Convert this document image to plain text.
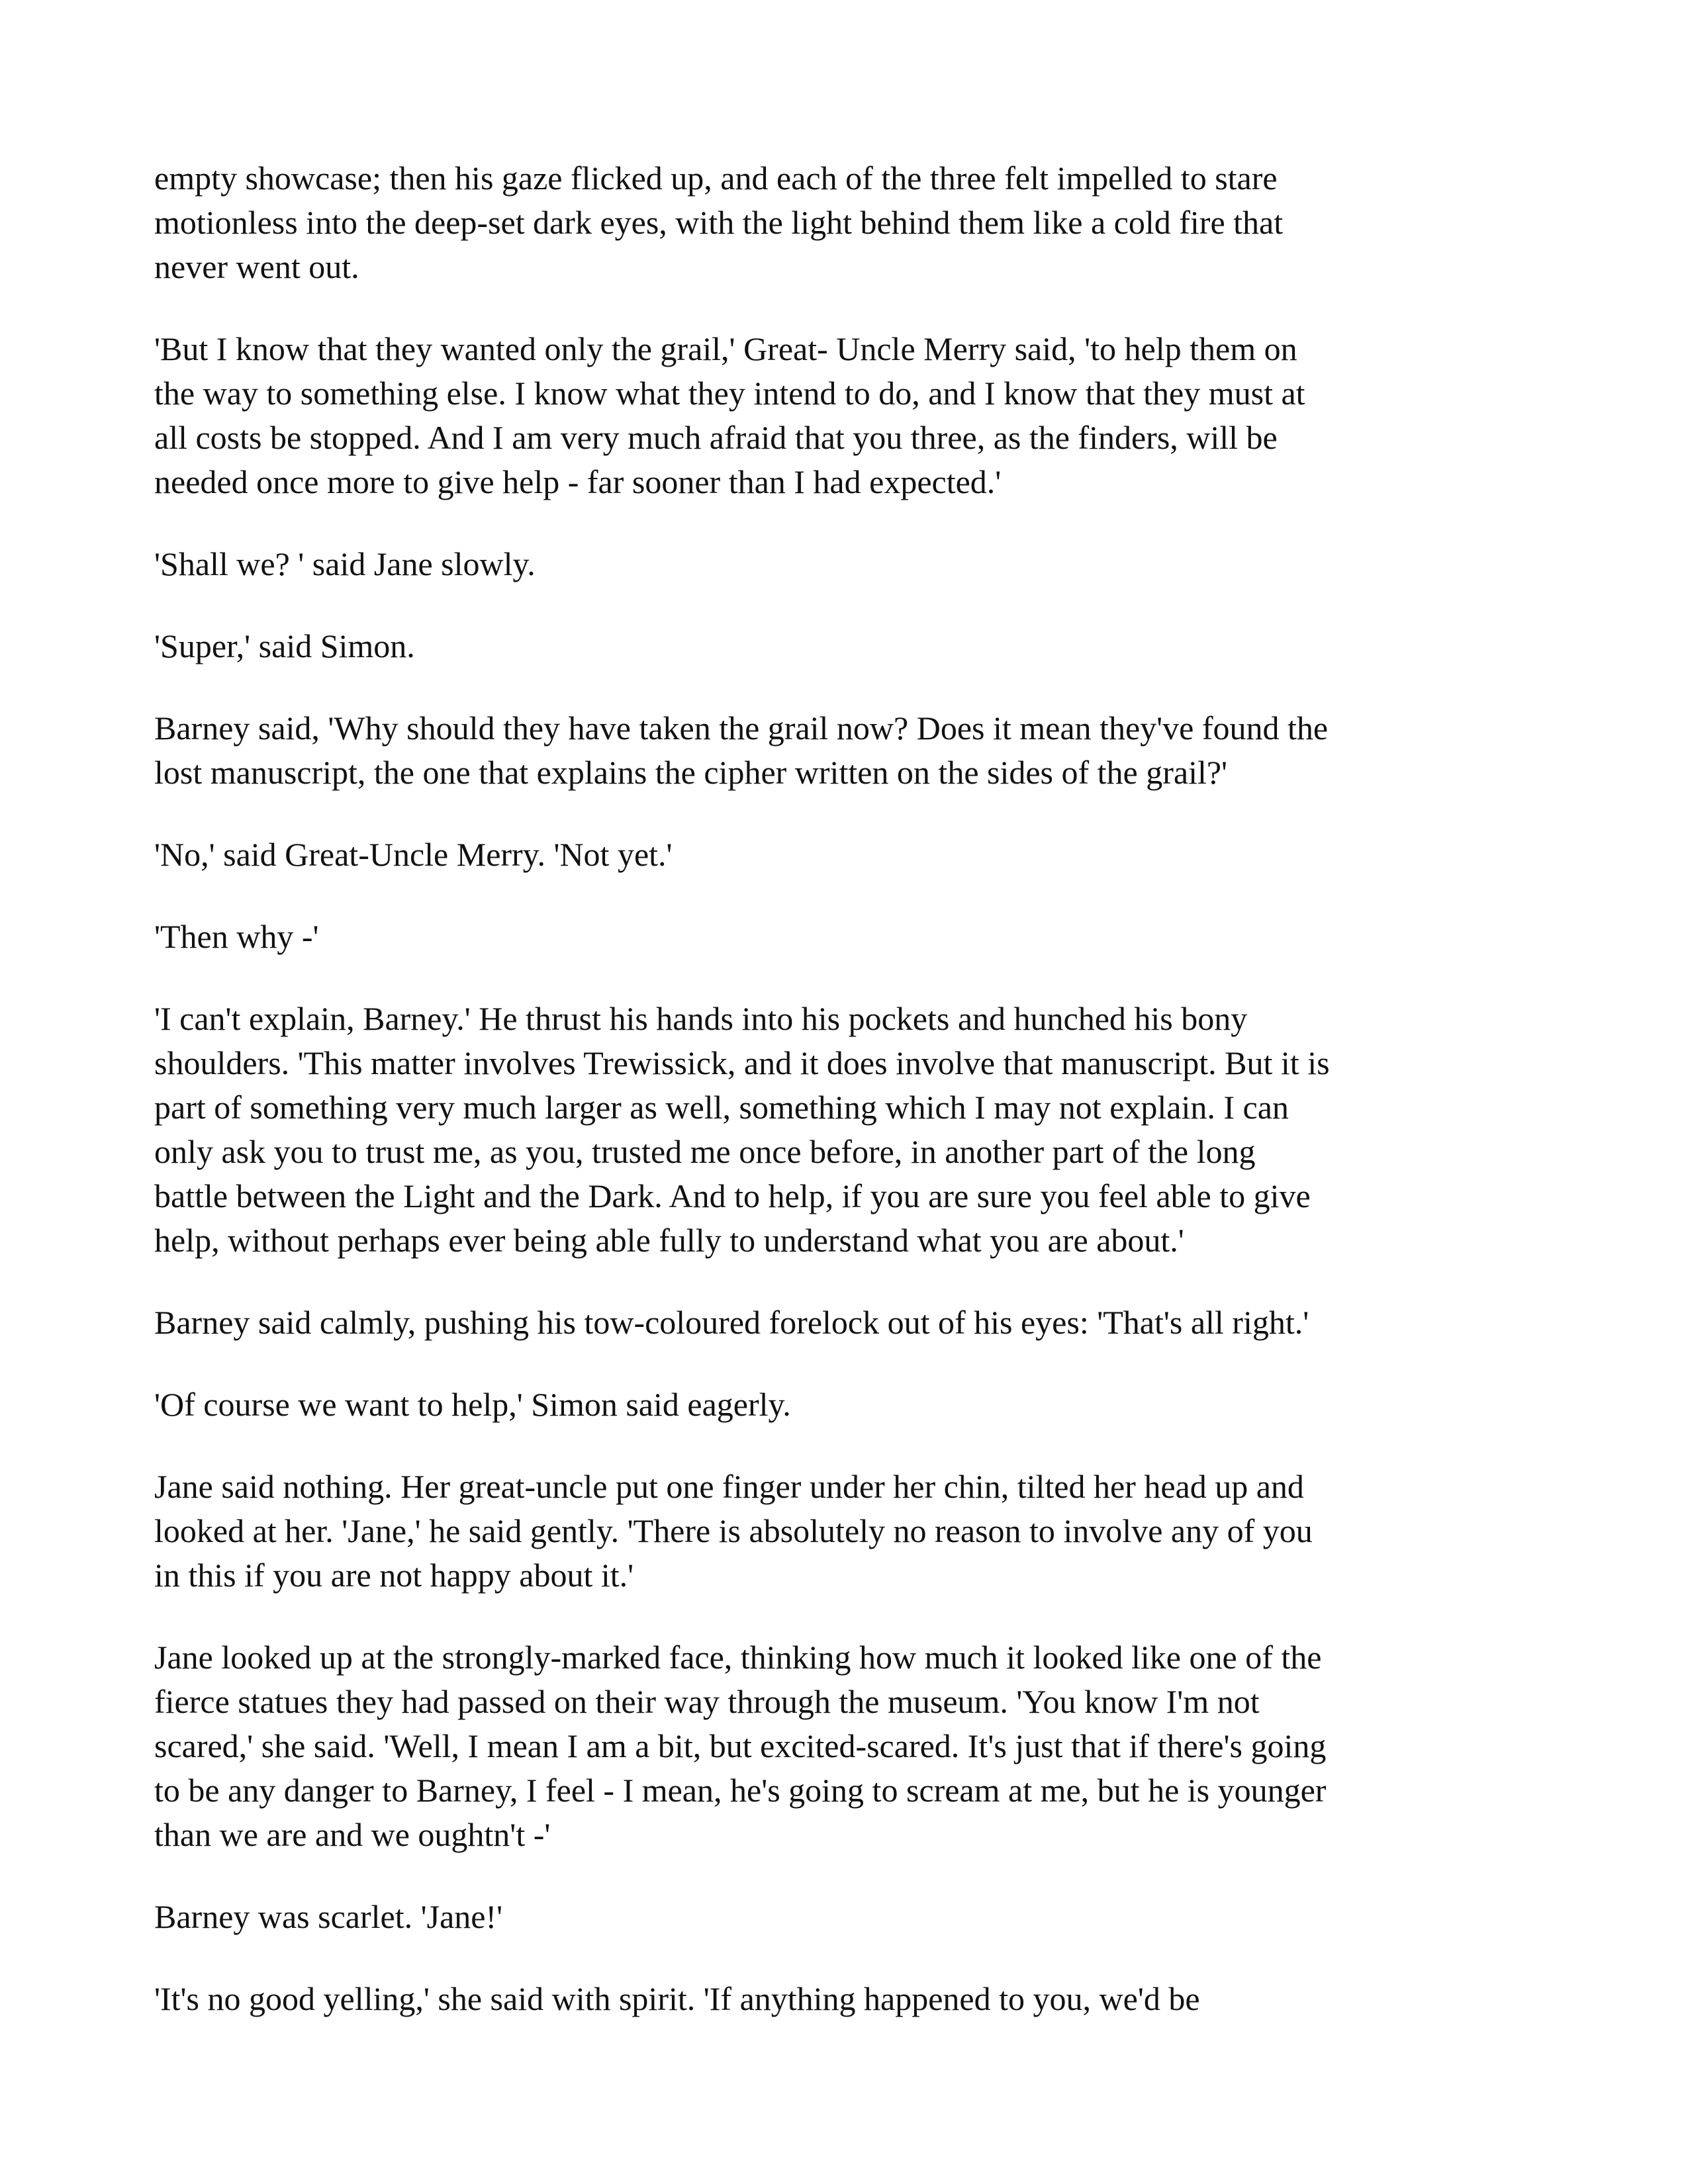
empty showcase; then his gaze flicked up, and each of the three felt impelled to stare
motionless into the deep-set dark eyes, with the light behind them like a cold fire that
never went out.

'But I know that they wanted only the grail,' Great- Uncle Merry said, 'to help them on
the way to something else. I know what they intend to do, and I know that they must at
all costs be stopped. And I am very much afraid that you three, as the finders, will be
needed once more to give help - far sooner than I had expected.'

'Shall we? ' said Jane slowly.

'Super,' said Simon.

Barney said, 'Why should they have taken the grail now? Does it mean they've found the
lost manuscript, the one that explains the cipher written on the sides of the grail?'

'No,' said Great-Uncle Merry. 'Not yet.'

'Then why -'

'I can't explain, Barney.' He thrust his hands into his pockets and hunched his bony
shoulders. 'This matter involves Trewissick, and it does involve that manuscript. But it is
part of something very much larger as well, something which I may not explain. I can
only ask you to trust me, as you, trusted me once before, in another part of the long
battle between the Light and the Dark. And to help, if you are sure you feel able to give
help, without perhaps ever being able fully to understand what you are about.'

Barney said calmly, pushing his tow-coloured forelock out of his eyes: 'That's all right.'

'Of course we want to help,' Simon said eagerly.

Jane said nothing. Her great-uncle put one finger under her chin, tilted her head up and
looked at her. 'Jane,' he said gently. 'There is absolutely no reason to involve any of you
in this if you are not happy about it.'

Jane looked up at the strongly-marked face, thinking how much it looked like one of the
fierce statues they had passed on their way through the museum. 'You know I'm not
scared,' she said. 'Well, I mean I am a bit, but excited-scared. It's just that if there's going
to be any danger to Barney, I feel - I mean, he's going to scream at me, but he is younger
than we are and we oughtn't -'

Barney was scarlet. 'Jane!'

'It's no good yelling,' she said with spirit. 'If anything happened to you, we'd be
